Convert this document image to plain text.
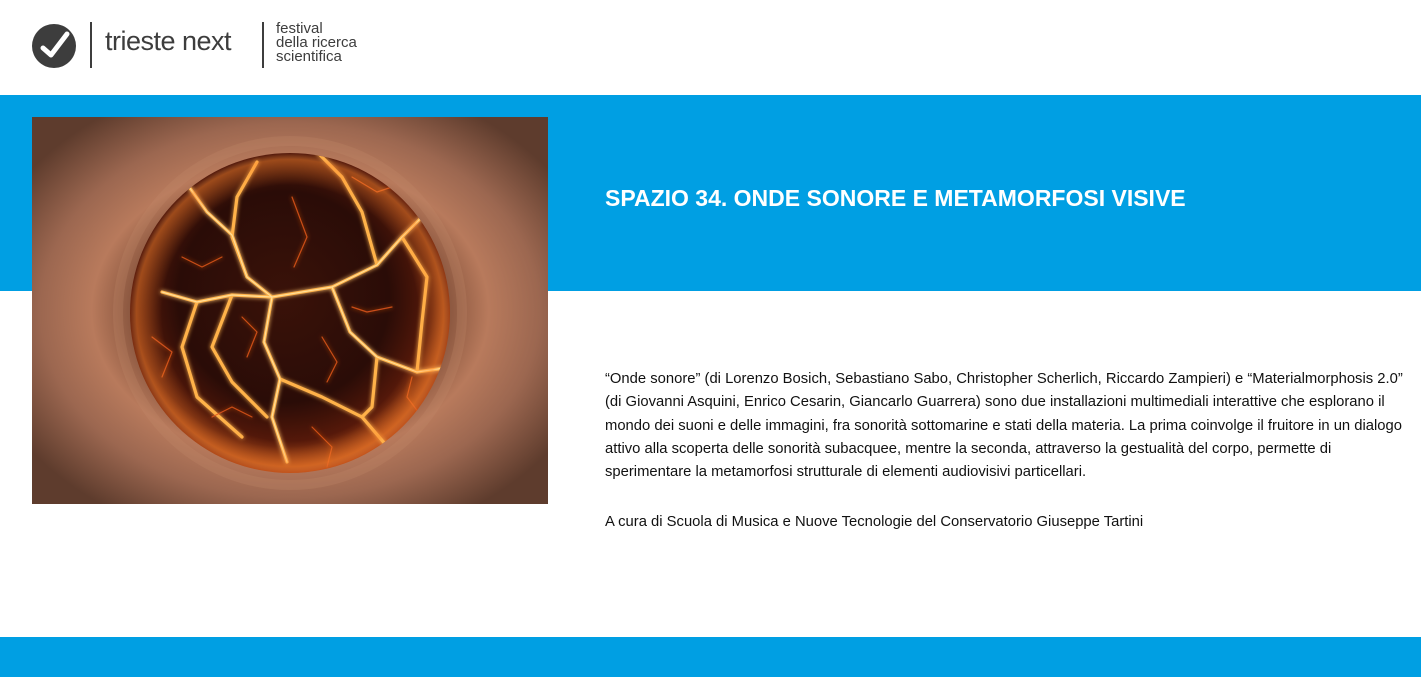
trieste next	festival
della ricerca
scientifica
SPAZIO 34. ONDE SONORE E METAMORFOSI VISIVE

“Onde sonore” (di Lorenzo Bosich, Sebastiano Sabo, Christopher Scherlich, Riccardo Zampieri) e “Materialmorphosis 2.0” (di Giovanni Asquini, Enrico Cesarin, Giancarlo Guarrera) sono due installazioni multimediali interattive che esplorano il mondo dei suoni e delle immagini, fra sonorità sottomarine e stati della materia. La prima coinvolge il fruitore in un dialogo attivo alla scoperta delle sonorità subacquee, mentre la seconda, attraverso la gestualità del corpo, permette di sperimentare la metamorfosi strutturale di elementi audiovisivi particellari.

A cura di Scuola di Musica e Nuove Tecnologie del Conservatorio Giuseppe Tartini
